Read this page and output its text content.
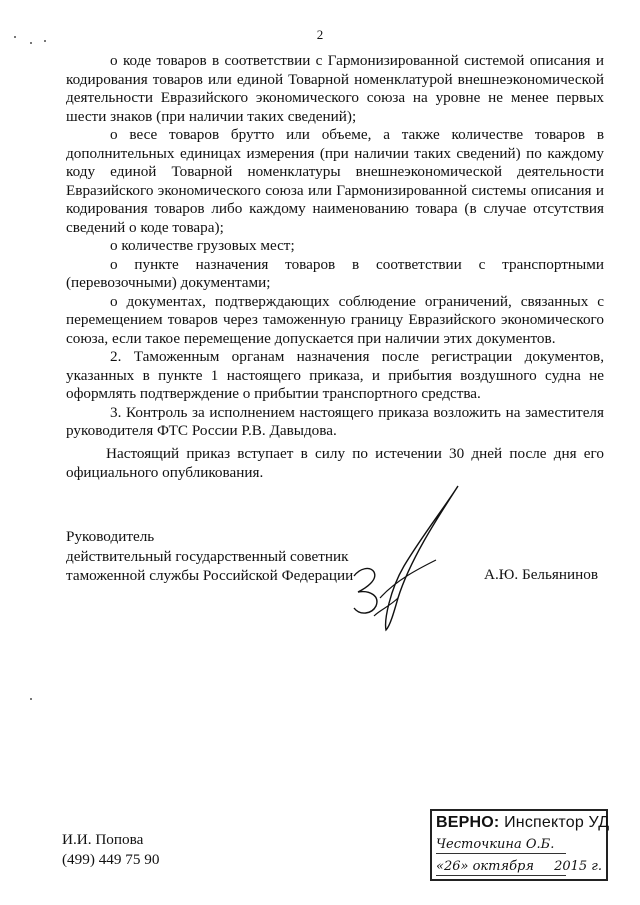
2

о коде товаров в соответствии с Гармонизированной системой описания и кодирования товаров или единой Товарной номенклатурой внешнеэкономической деятельности Евразийского экономического союза на уровне не менее первых шести знаков (при наличии таких сведений);

о весе товаров брутто или объеме, а также количестве товаров в дополнительных единицах измерения (при наличии таких сведений) по каждому коду единой Товарной номенклатуры внешнеэкономической деятельности Евразийского экономического союза или Гармонизированной системы описания и кодирования товаров либо каждому наименованию товара (в случае отсутствия сведений о коде товара);

о количестве грузовых мест;

о пункте назначения товаров в соответствии с транспортными (перевозочными) документами;

о документах, подтверждающих соблюдение ограничений, связанных с перемещением товаров через таможенную границу Евразийского экономического союза, если такое перемещение допускается при наличии этих документов.

2. Таможенным органам назначения после регистрации документов, указанных в пункте 1 настоящего приказа, и прибытия воздушного судна не оформлять подтверждение о прибытии транспортного средства.

3. Контроль за исполнением настоящего приказа возложить на заместителя руководителя ФТС России Р.В. Давыдова.

Настоящий приказ вступает в силу по истечении 30 дней после дня его официального опубликования.

Руководитель
действительный государственный советник
таможенной службы Российской Федерации	А.Ю. Бельянинов
И.И. Попова
(499) 449 75 90
ВЕРНО: Инспектор УД
Честочкина О.Б.
«26» октября	2015 г.
